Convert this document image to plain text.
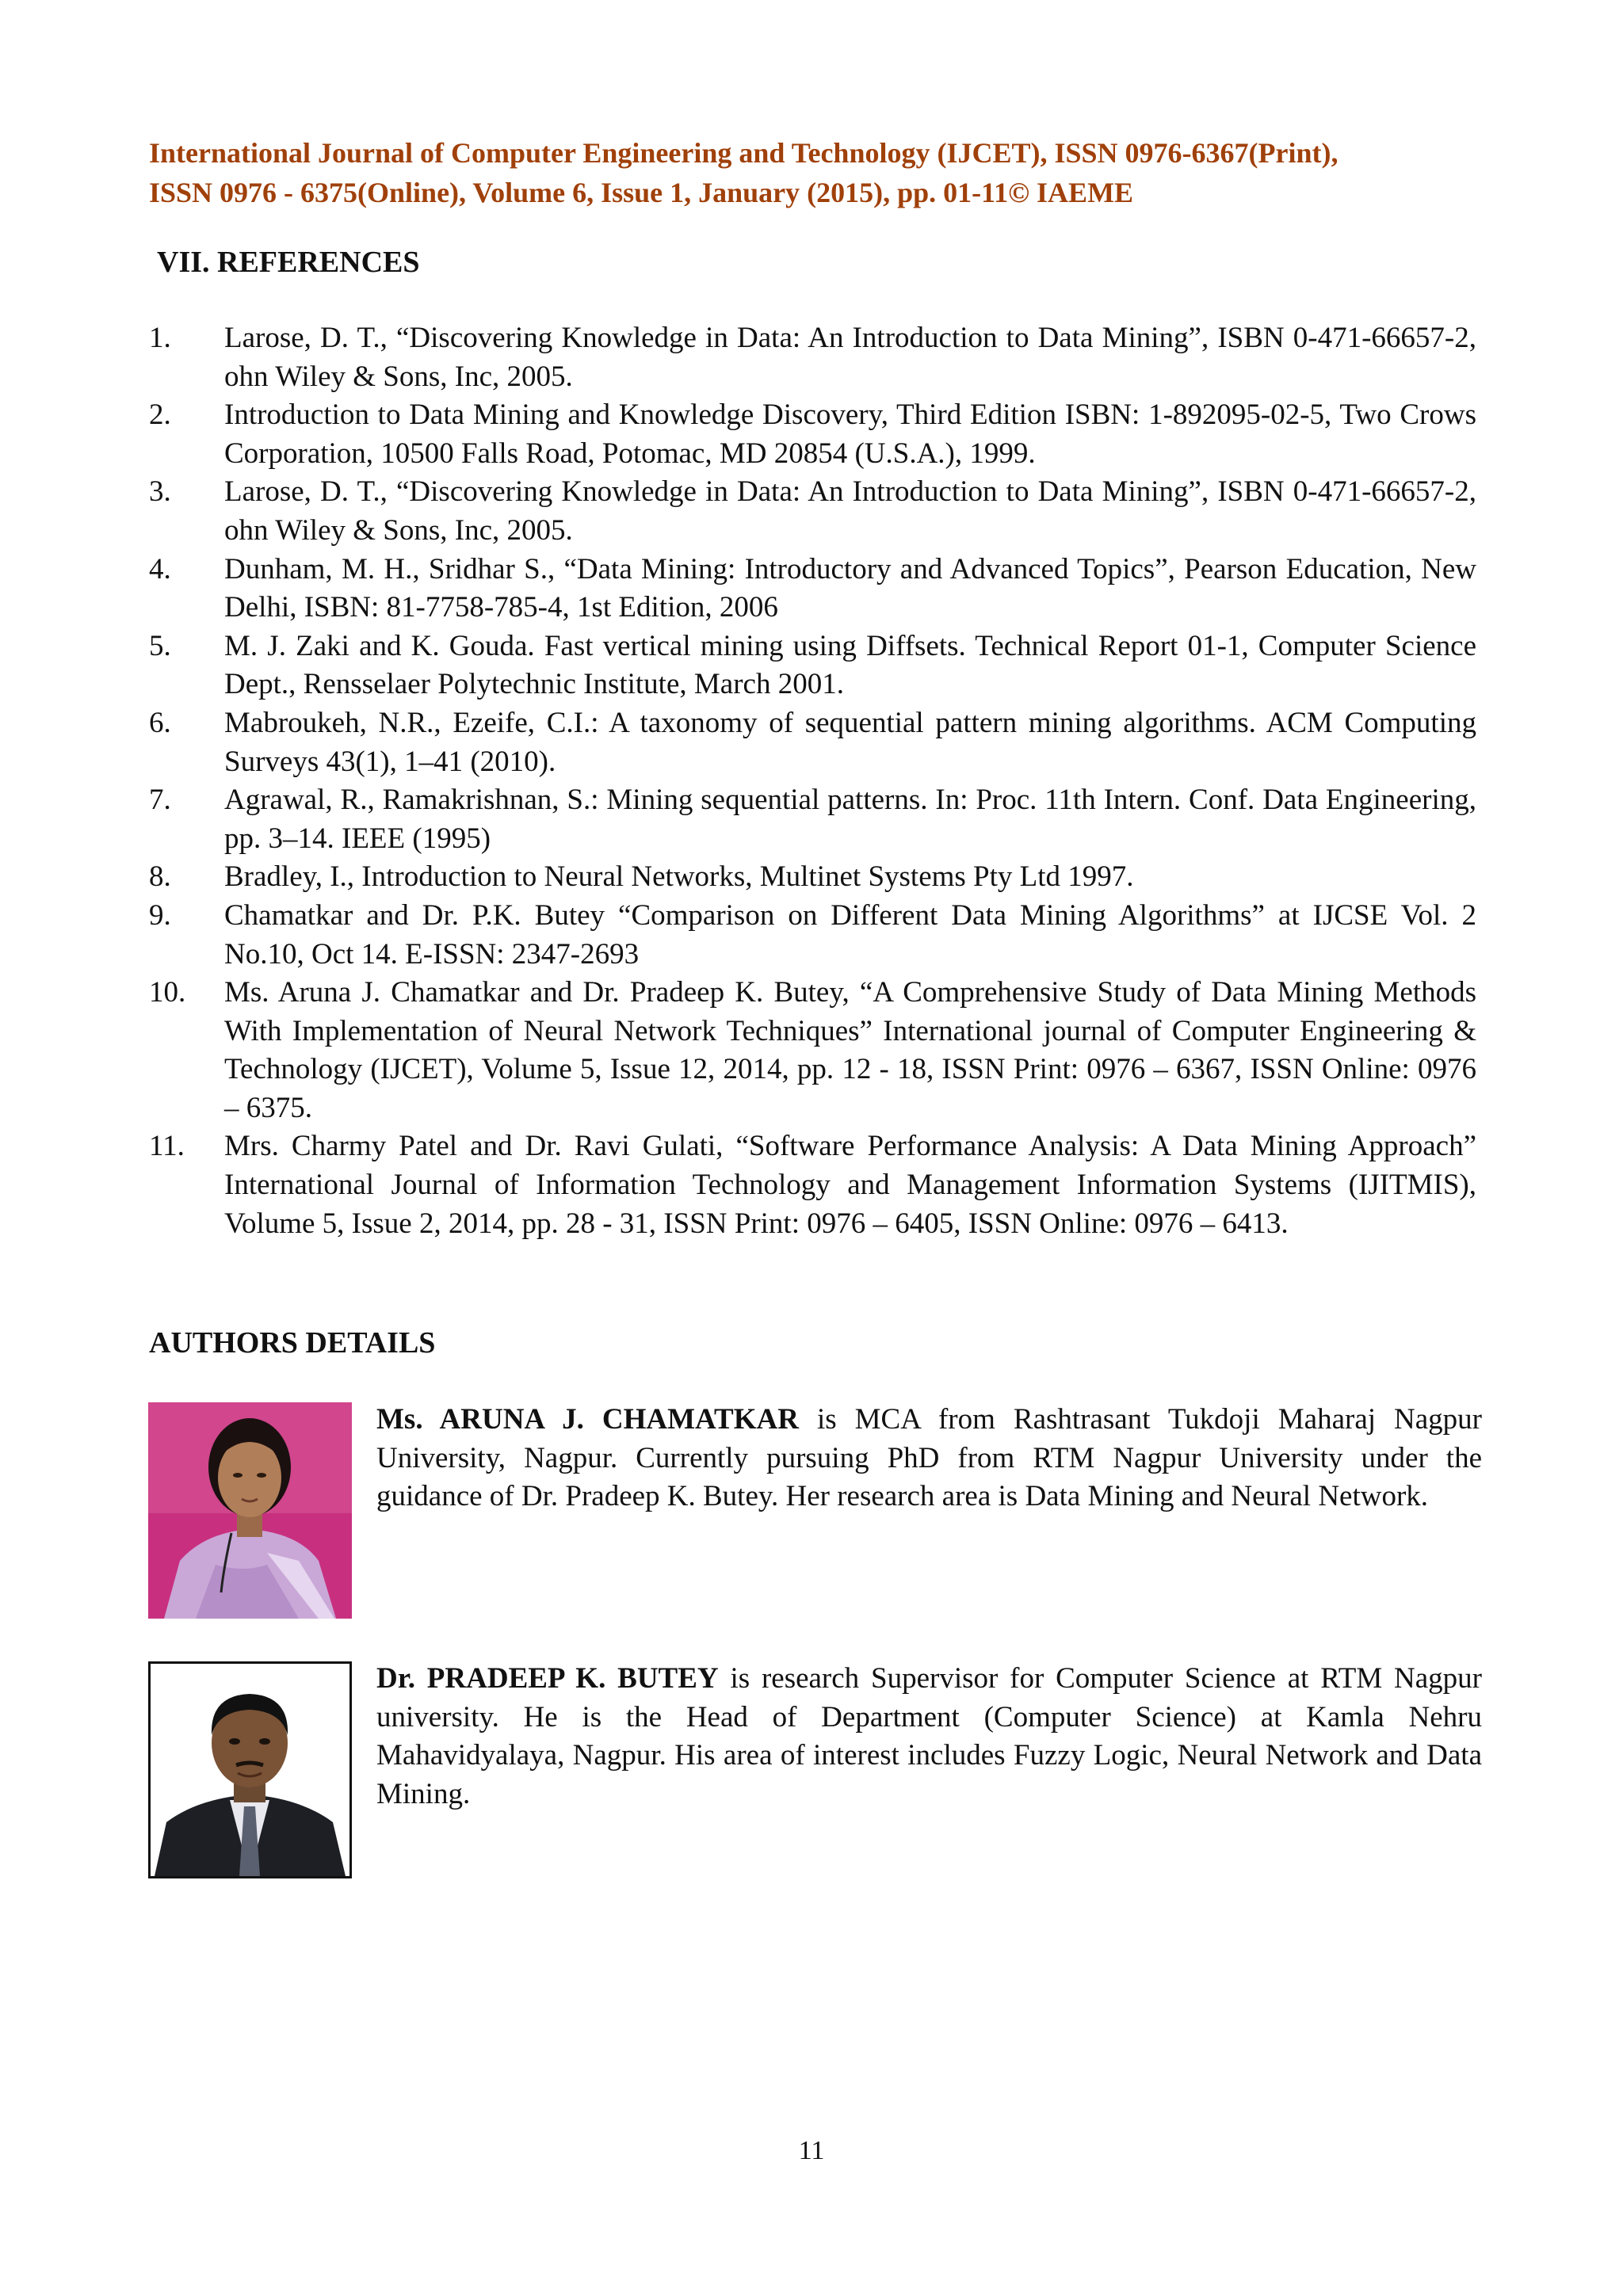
International Journal of Computer Engineering and Technology (IJCET), ISSN 0976-6367(Print),
ISSN 0976 - 6375(Online), Volume 6, Issue 1, January (2015), pp. 01-11© IAEME
VII. REFERENCES
1.	Larose, D. T., “Discovering Knowledge in Data: An Introduction to Data Mining”, ISBN 0-471-66657-2, ohn Wiley & Sons, Inc, 2005.
2.	Introduction to Data Mining and Knowledge Discovery, Third Edition ISBN: 1-892095-02-5, Two Crows Corporation, 10500 Falls Road, Potomac, MD 20854 (U.S.A.), 1999.
3.	Larose, D. T., “Discovering Knowledge in Data: An Introduction to Data Mining”, ISBN 0-471-66657-2, ohn Wiley & Sons, Inc, 2005.
4.	Dunham, M. H., Sridhar S., “Data Mining: Introductory and Advanced Topics”, Pearson Education, New Delhi, ISBN: 81-7758-785-4, 1st Edition, 2006
5.	M. J. Zaki and K. Gouda. Fast vertical mining using Diffsets. Technical Report 01-1, Computer Science Dept., Rensselaer Polytechnic Institute, March 2001.
6.	Mabroukeh, N.R., Ezeife, C.I.: A taxonomy of sequential pattern mining algorithms. ACM Computing Surveys 43(1), 1–41 (2010).
7.	Agrawal, R., Ramakrishnan, S.: Mining sequential patterns. In: Proc. 11th Intern. Conf. Data Engineering, pp. 3–14. IEEE (1995)
8.	Bradley, I., Introduction to Neural Networks, Multinet Systems Pty Ltd 1997.
9.	Chamatkar and Dr. P.K. Butey “Comparison on Different Data Mining Algorithms” at IJCSE Vol. 2 No.10, Oct 14. E-ISSN: 2347-2693
10.	Ms. Aruna J. Chamatkar and Dr. Pradeep K. Butey, “A Comprehensive Study of Data Mining Methods With Implementation of Neural Network Techniques” International journal of Computer Engineering & Technology (IJCET), Volume 5, Issue 12, 2014, pp. 12 - 18, ISSN Print: 0976 – 6367, ISSN Online: 0976 – 6375.
11.	Mrs. Charmy Patel and Dr. Ravi Gulati, “Software Performance Analysis: A Data Mining Approach” International Journal of Information Technology and Management Information Systems (IJITMIS), Volume 5, Issue 2, 2014, pp. 28 - 31, ISSN Print: 0976 – 6405, ISSN Online: 0976 – 6413.
AUTHORS DETAILS
Ms. ARUNA J. CHAMATKAR is MCA from Rashtrasant Tukdoji Maharaj Nagpur University, Nagpur. Currently pursuing PhD from RTM Nagpur University under the guidance of Dr. Pradeep K. Butey. Her research area is Data Mining and Neural Network.
Dr. PRADEEP K. BUTEY is research Supervisor for Computer Science at RTM Nagpur university. He is the Head of Department (Computer Science) at Kamla Nehru Mahavidyalaya, Nagpur. His area of interest includes Fuzzy Logic, Neural Network and Data Mining.
11
